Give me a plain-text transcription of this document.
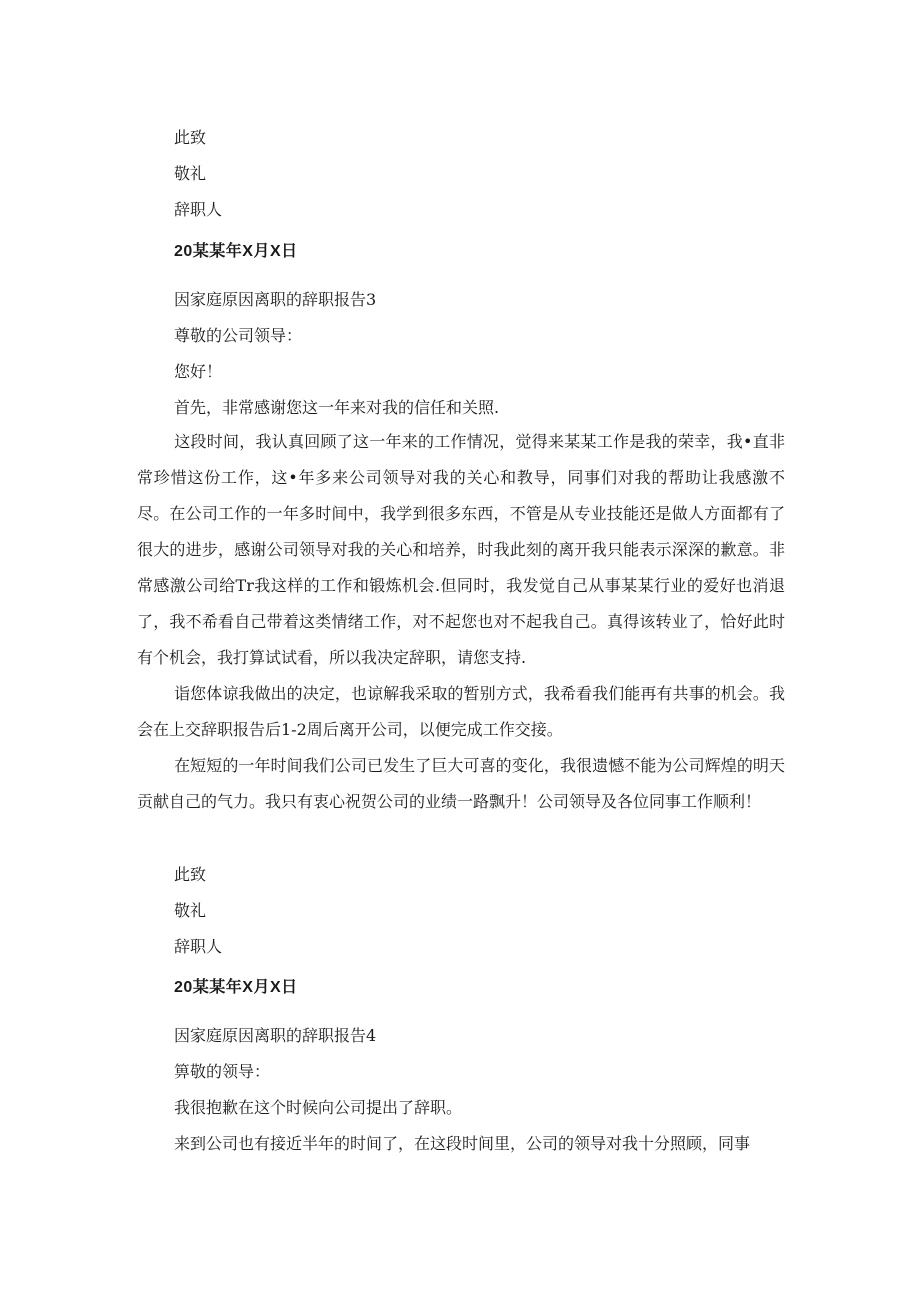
此致
敬礼
辞职人
20某某年X月X日
因家庭原因离职的辞职报告3
尊敬的公司领导：
您好！
首先，非常感谢您这一年来对我的信任和关照.
这段时间，我认真回顾了这一年来的工作情况，觉得来某某工作是我的荣幸，我•直非常珍惜这份工作，这•年多来公司领导对我的关心和教导，同事们对我的帮助让我感激不尽。在公司工作的一年多时间中，我学到很多东西，不管是从专业技能还是做人方面都有了很大的进步，感谢公司领导对我的关心和培养，时我此刻的离开我只能表示深深的歉意。非常感激公司给Tr我这样的工作和锻炼机会.但同时，我发觉自己从事某某行业的爱好也消退了，我不希看自己带着这类情绪工作，对不起您也对不起我自己。真得该转业了，恰好此时有个机会，我打算试试看，所以我决定辞职，请您支持.
诣您体谅我做出的决定，也谅解我采取的暂别方式，我希看我们能再有共事的机会。我会在上交辞职报告后1-2周后离开公司，以便完成工作交接。
在短短的一年时间我们公司已发生了巨大可喜的变化，我很遗憾不能为公司辉煌的明天贡献自己的气力。我只有衷心祝贺公司的业绩一路飘升！公司领导及各位同事工作顺利！
此致
敬礼
辞职人
20某某年X月X日
因家庭原因离职的辞职报告4
箅敬的领导：
我很抱歉在这个时候向公司提出了辞职。
来到公司也有接近半年的时间了，在这段时间里，公司的领导对我十分照顾，同事
